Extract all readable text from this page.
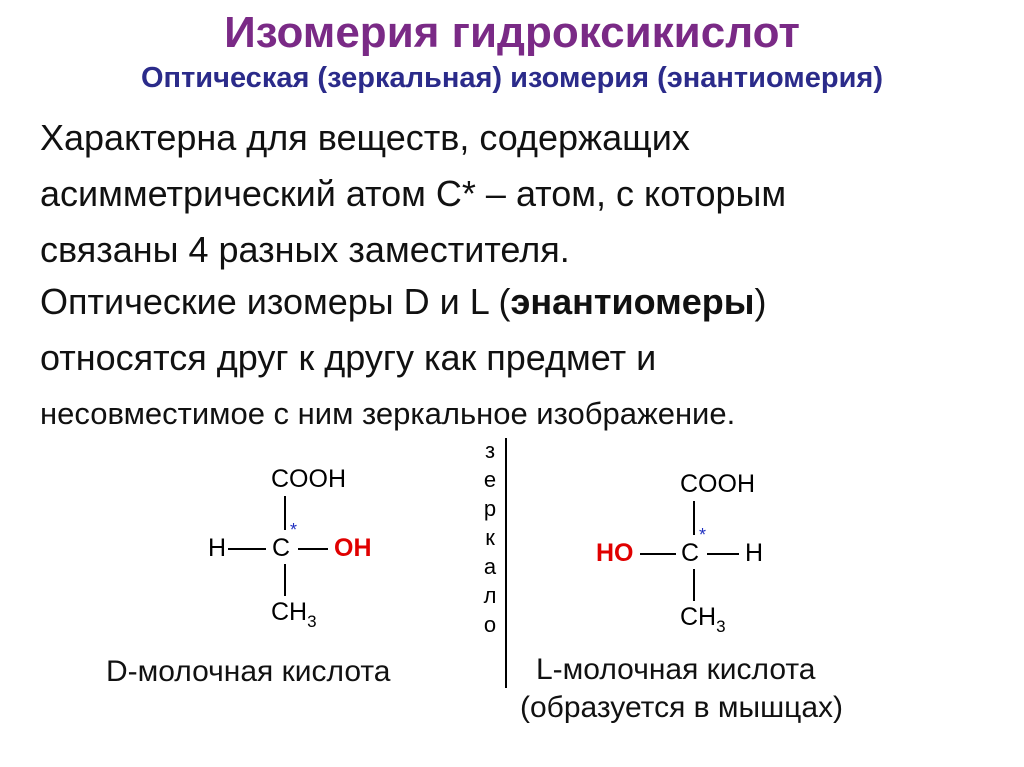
Изомерия гидроксикислот
Оптическая (зеркальная) изомерия (энантиомерия)
Характерна для веществ, содержащих
асимметрический атом С* – атом, с которым
связаны 4 разных заместителя.
Оптические изомеры D и L (энантиомеры)
относятся друг к другу как предмет и
несовместимое с ним зеркальное изображение.
з
е
р
к
а
л
о
COOH
H C
*
OH
$CH_3$
D-молочная кислота
COOH
HO C
*
H
$CH_3$
L-молочная кислота
(образуется в мышцах)
